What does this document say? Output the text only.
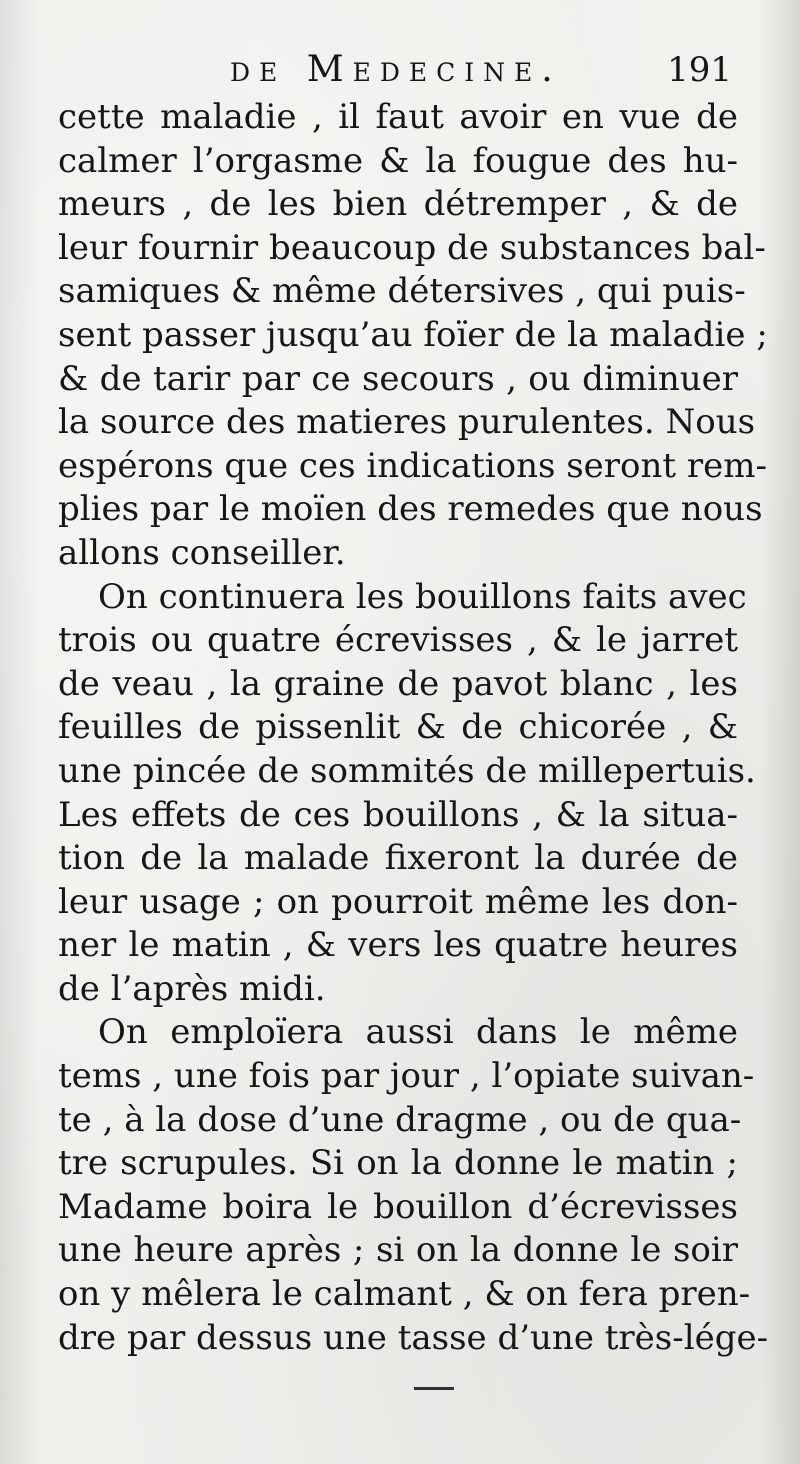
de Medecine.	191
cette maladie , il faut avoir en vue de
calmer l’orgasme & la fougue des hu-
meurs , de les bien détremper , & de
leur fournir beaucoup de substances bal-
samiques & même détersives , qui puis-
sent passer jusqu’au foïer de la maladie ;
& de tarir par ce secours , ou diminuer
la source des matieres purulentes. Nous
espérons que ces indications seront rem-
plies par le moïen des remedes que nous
allons conseiller.
On continuera les bouillons faits avec
trois ou quatre écrevisses , & le jarret
de veau , la graine de pavot blanc , les
feuilles de pissenlit & de chicorée , &
une pincée de sommités de millepertuis.
Les effets de ces bouillons , & la situa-
tion de la malade fixeront la durée de
leur usage ; on pourroit même les don-
ner le matin , & vers les quatre heures
de l’après midi.
On emploïera aussi dans le même
tems , une fois par jour , l’opiate suivan-
te , à la dose d’une dragme , ou de qua-
tre scrupules. Si on la donne le matin ;
Madame boira le bouillon d’écrevisses
une heure après ; si on la donne le soir
on y mêlera le calmant , & on fera pren-
dre par dessus une tasse d’une très-lége-
